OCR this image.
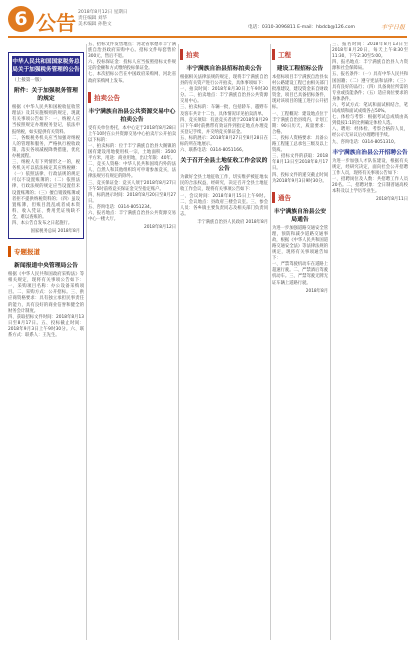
6 公告 2018年8月12日 星期日
责任编辑 刘华
美术编辑 孙艳文
电话：0310-3096811 E-mail：hbdcb@126.com	丰宁日报
中华人民共和国国家税务总局关于加强税务管理的公告
（上接第一版）
附件：关于加强税务管理的规定

根据《中华人民共和国税收征收管理法》及其实施细则的规定，现就有关事项公告如下：一、纳税人应当按照规定办理税务登记，依法申报纳税，如实提供有关资料。

二、各级税务机关应当加强对纳税人的管理和服务，严格执行税收政策，落实各项减税降费措施，优化办税流程。

三、纳税人有下列情形之一的，税务机关可以依法核定其应纳税额：（一）依照法律、行政法规的规定可以不设置账簿的；（二）依照法律、行政法规的规定应当设置但未设置账簿的；（三）擅自销毁账簿或者拒不提供纳税资料的；（四）虽设置账簿，但账目混乱或者成本资料、收入凭证、费用凭证残缺不全，难以查账的。

四、本公告自发布之日起施行。

国家税务总局 2018年8月
专题报道
新闻报道中央管理局公告

根据《中华人民共和国政府采购法》等相关规定，现将有关事项公告如下：一、采购项目名称：办公设备采购项目。二、采购方式：公开招标。三、供应商资格要求：具有独立承担民事责任的能力，具有良好的商业信誉和健全的财务会计制度。

四、获取招标文件时间：2018年8月13日至8月17日。五、投标截止时间：2018年9月3日上午9时30分。六、联系方式：联系人：王先生。

五、招标文件发售地点：河北省承德市丰宁满族自治县政府采购中心。招标文件每套售价300元，售后不退。

六、投标保证金：投标人应当按照招标文件规定的金额和方式缴纳投标保证金。

七、本次招标公告在中国政府采购网、河北省政府采购网上发布。

拍卖公告
丰宁满族自治县公共资源交易中心拍卖公告

受有关单位委托，本中心定于2018年8月28日上午10时在公共资源交易中心拍卖厅公开拍卖以下标的：

一、拍卖标的：位于丰宁满族自治县大阁镇的国有建设用地使用权一宗，土地面积：3500平方米，用途：商业用地，出让年限：40年。

二、竞买人资格：中华人民共和国境内外的法人、自然人和其他组织均可申请参加竞买，法律法规另有规定的除外。

三、竞买保证金：竞买人须于2018年8月27日下午5时前将竞买保证金交至指定账户。

四、标的展示时间：2018年8月20日至8月27日。

五、咨询电话：0314-8051234。

六、报名地点：丰宁满族自治县公共资源交易中心一楼大厅。

2018年8月12日
拍卖
丰宁满族自治县招标拍卖公告

根据相关法律法规的规定，现将丰宁满族自治县的有关资产进行公开拍卖，具体事项如下：

一、拍卖时间：2018年8月30日上午9时30分。二、拍卖地点：丰宁满族自治县公共资源交易中心。

三、拍卖标的：车辆一批，包括轿车、越野车及客车共计十二台，具体情况详见拍卖清单。

四、竞买须知：有意竞买者请于2018年8月29日下午4时前携带有效证件到指定地点办理竞买登记手续，并交纳竞买保证金。

五、标的展示：2018年8月27日至8月28日在标的所在地展示。

六、联系电话：0314-8051166。

关于召开全县土地征收工作会议的公告

为做好全县土地征收工作，切实维护被征地农民的合法权益，经研究，决定召开全县土地征收工作会议，现将有关事项公告如下：

一、会议时间：2018年8月15日上午9时。二、会议地点：县政府三楼会议室。三、参会人员：各乡镇主要负责同志及相关部门负责同志。

丰宁满族自治县人民政府 2018年8月
工程
建设工程招标公告

本招标项目丰宁满族自治县农村公路建设工程已由相关部门批准建设，建设资金来自财政资金，项目已具备招标条件，现对该项目的施工进行公开招标。

一、工程概况：建设地点位于丰宁满族自治县境内，计划工期：90日历天，质量要求：合格。

二、投标人资格要求：具备公路工程施工总承包三级及以上资质。

三、招标文件的获取：2018年8月13日至2018年8月17日。

四、投标文件的递交截止时间为2018年9月3日9时30分。

通告
丰宁满族自治县公安局通告

为进一步加强道路交通安全管理，预防和减少道路交通事故，根据《中华人民共和国道路交通安全法》等法律法规的规定，现将有关事项通告如下：

一、严禁驾驶机动车在道路上超速行驶。二、严禁酒后驾驶机动车。三、严禁驾驶无牌无证车辆上道路行驶。

2018年8月

三、报名时间：2018年8月13日至2018年8月20日，每天上午8:30至11:30，下午2:30至5:00。

四、报名地点：丰宁满族自治县人力资源和社会保障局。

五、报名条件：（一）具有中华人民共和国国籍；（二）遵守宪法和法律；（三）具有良好的品行；（四）具备岗位所需的专业或技能条件；（五）适应岗位要求的身体条件。

六、考试方式：笔试和面试相结合，笔试成绩和面试成绩各占50%。

七、体检与考察：根据考试总成绩由高到低按1:1的比例确定体检人选。

八、聘用：经体检、考察合格的人员，经公示无异议后办理聘用手续。

九、咨询电话：0314-8051310。

丰宁满族自治县公开招聘公告

为进一步加强人才队伍建设，根据有关规定，经研究决定，面向社会公开招聘工作人员，现将有关事项公告如下：

一、招聘岗位及人数：共招聘工作人员20名。二、招聘对象：全日制普通高校本科及以上学历毕业生。

2018年8月11日
